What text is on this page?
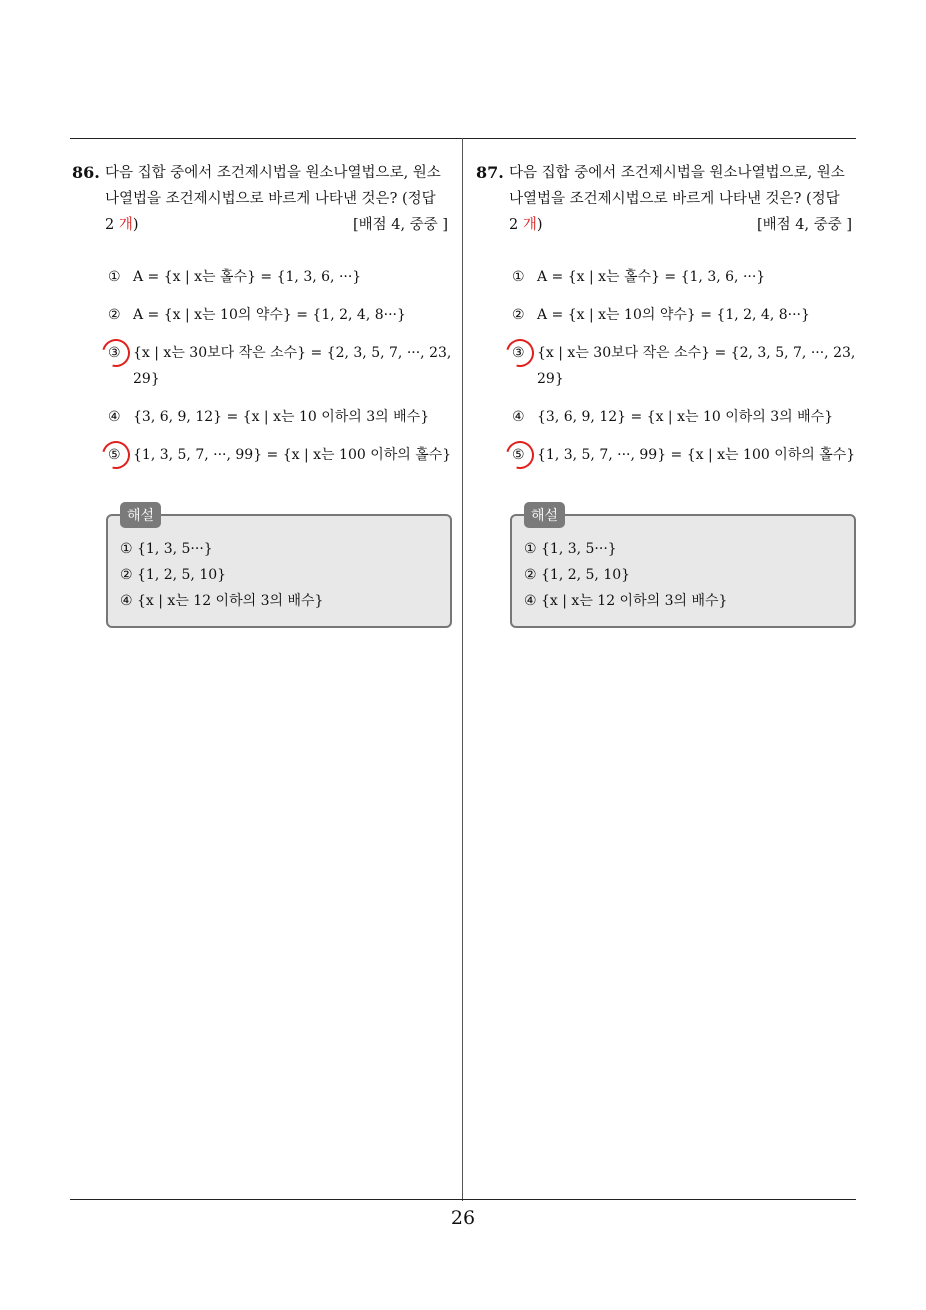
86. 다음 집합 중에서 조건제시법을 원소나열법으로, 원소
나열법을 조건제시법으로 바르게 나타낸 것은? (정답
2 개)	[배점 4, 중중 ]
① A = {x | x는 홀수} = {1, 3, 6, ···}
② A = {x | x는 10의 약수} = {1, 2, 4, 8···}
③ {x | x는 30보다 작은 소수} = {2, 3, 5, 7, ···, 23, 29}
④ {3, 6, 9, 12} = {x | x는 10 이하의 3의 배수}
⑤ {1, 3, 5, 7, ···, 99} = {x | x는 100 이하의 홀수}
해설
① {1, 3, 5···}
② {1, 2, 5, 10}
④ {x | x는 12 이하의 3의 배수}
87. 다음 집합 중에서 조건제시법을 원소나열법으로, 원소
나열법을 조건제시법으로 바르게 나타낸 것은? (정답
2 개)	[배점 4, 중중 ]
① A = {x | x는 홀수} = {1, 3, 6, ···}
② A = {x | x는 10의 약수} = {1, 2, 4, 8···}
③ {x | x는 30보다 작은 소수} = {2, 3, 5, 7, ···, 23, 29}
④ {3, 6, 9, 12} = {x | x는 10 이하의 3의 배수}
⑤ {1, 3, 5, 7, ···, 99} = {x | x는 100 이하의 홀수}
해설
① {1, 3, 5···}
② {1, 2, 5, 10}
④ {x | x는 12 이하의 3의 배수}
26
